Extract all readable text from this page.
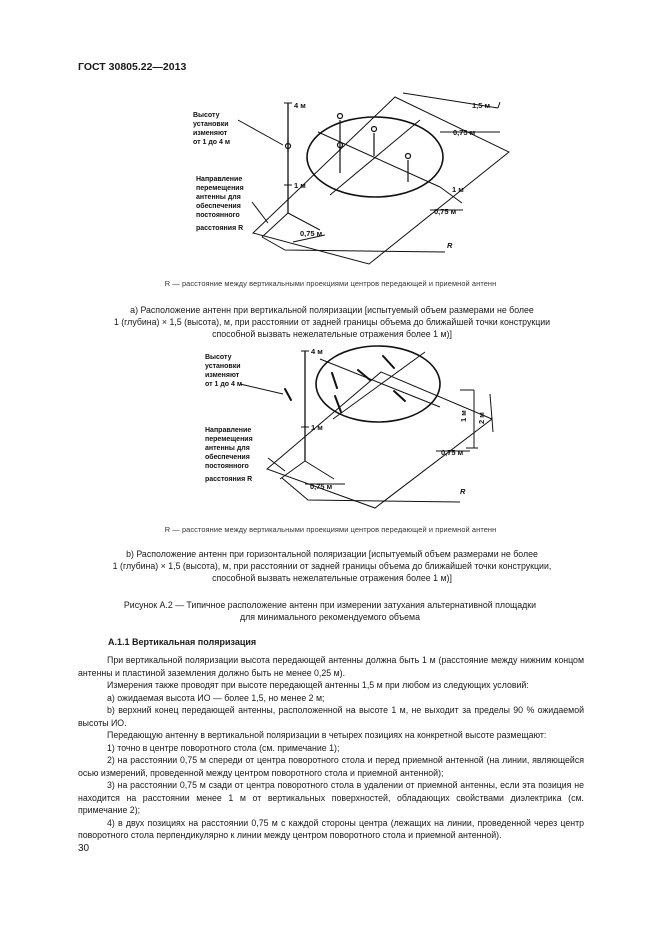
ГОСТ 30805.22—2013
Высоту
установки
изменяют
от 1 до 4 м
Направление
перемещения
антенны для
обеспечения
постоянного
расстояния R
4 м
1 м
1,5 м
0,75 м
1 м
0,75 м
0,75 м
R
R — расстояние между вертикальными проекциями центров передающей и приемной антенн
а) Расположение антенн при вертикальной поляризации [испытуемый объем размерами не более
1 (глубина) × 1,5 (высота), м, при расстоянии от задней границы объема до ближайшей точки конструкции
способной вызвать нежелательные отражения более 1 м)]
Высоту
установки
изменяют
от 1 до 4 м
Направление
перемещения
антенны для
обеспечения
постоянного
расстояния R
4 м
1 м
1 м 2 м
0,75 м
0,75 м
R
R — расстояние между вертикальными проекциями центров передающей и приемной антенн
b) Расположение антенн при горизонтальной поляризации [испытуемый объем размерами не более
1 (глубина) × 1,5 (высота), м, при расстоянии от задней границы объема до ближайшей точки конструкции,
способной вызвать нежелательные отражения более 1 м)]
Рисунок А.2 — Типичное расположение антенн при измерении затухания альтернативной площадки
для минимального рекомендуемого объема
А.1.1 Вертикальная поляризация

При вертикальной поляризации высота передающей антенны должна быть 1 м (расстояние между нижним концом антенны и пластиной заземления должно быть не менее 0,25 м).

Измерения также проводят при высоте передающей антенны 1,5 м при любом из следующих условий:

а) ожидаемая высота ИО — более 1,5, но менее 2 м;

b) верхний конец передающей антенны, расположенной на высоте 1 м, не выходит за пределы 90 % ожидаемой высоты ИО.

Передающую антенну в вертикальной поляризации в четырех позициях на конкретной высоте размещают:

1) точно в центре поворотного стола (см. примечание 1);

2) на расстоянии 0,75 м спереди от центра поворотного стола и перед приемной антенной (на линии, являющейся осью измерений, проведенной между центром поворотного стола и приемной антенной);

3) на расстоянии 0,75 м сзади от центра поворотного стола в удалении от приемной антенны, если эта позиция не находится на расстоянии менее 1 м от вертикальных поверхностей, обладающих свойствами диэлектрика (см. примечание 2);

4) в двух позициях на расстоянии 0,75 м с каждой стороны центра (лежащих на линии, проведенной через центр поворотного стола перпендикулярно к линии между центром поворотного стола и приемной антенной).

30
